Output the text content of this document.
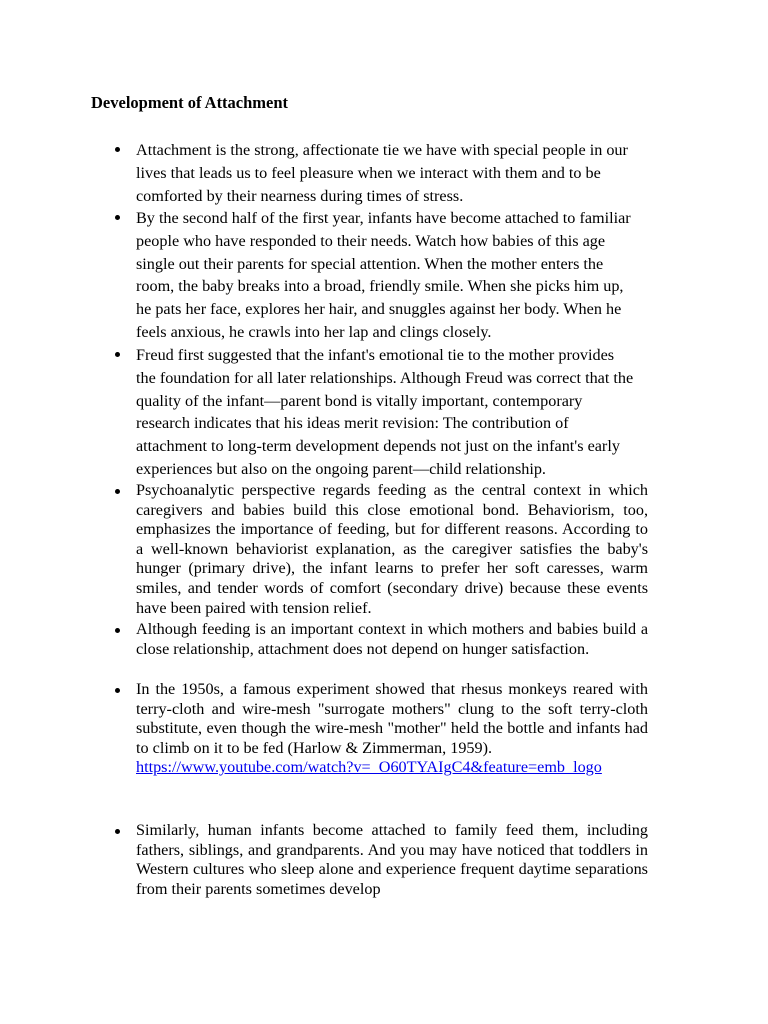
Development of Attachment
Attachment is the strong, affectionate tie we have with special people in our lives that leads us to feel pleasure when we interact with them and to be comforted by their nearness during times of stress.
By the second half of the first year, infants have become attached to familiar people who have responded to their needs. Watch how babies of this age single out their parents for special attention. When the mother enters the room, the baby breaks into a broad, friendly smile. When she picks him up, he pats her face, explores her hair, and snuggles against her body. When he feels anxious, he crawls into her lap and clings closely.
Freud first suggested that the infant's emotional tie to the mother provides the foundation for all later relationships. Although Freud was correct that the quality of the infant—parent bond is vitally important, contemporary research indicates that his ideas merit revision: The contribution of attachment to long-term development depends not just on the infant's early experiences but also on the ongoing parent—child relationship.
Psychoanalytic perspective regards feeding as the central context in which caregivers and babies build this close emotional bond. Behaviorism, too, emphasizes the importance of feeding, but for different reasons. According to a well-known behaviorist explanation, as the caregiver satisfies the baby's hunger (primary drive), the infant learns to prefer her soft caresses, warm smiles, and tender words of comfort (secondary drive) because these events have been paired with tension relief.
Although feeding is an important context in which mothers and babies build a close relationship, attachment does not depend on hunger satisfaction.
In the 1950s, a famous experiment showed that rhesus monkeys reared with terry-cloth and wire-mesh "surrogate mothers" clung to the soft terry-cloth substitute, even though the wire-mesh "mother" held the bottle and infants had to climb on it to be fed (Harlow & Zimmerman, 1959).
https://www.youtube.com/watch?v=_O60TYAIgC4&feature=emb_logo
Similarly, human infants become attached to family feed them, including fathers, siblings, and grandparents. And you may have noticed that toddlers in Western cultures who sleep alone and experience frequent daytime separations from their parents sometimes develop
